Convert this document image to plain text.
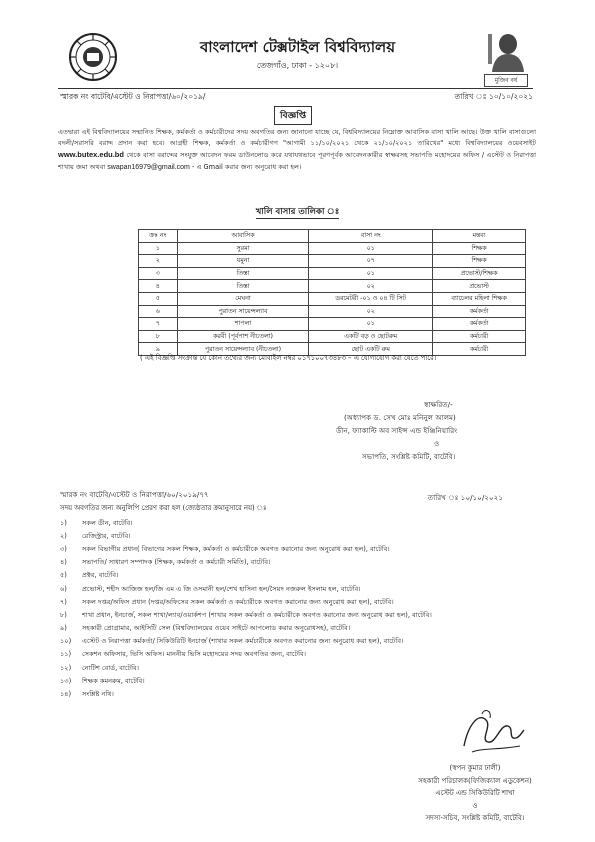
বাংলাদেশ টেক্সটাইল বিশ্ববিদ্যালয়
তেজগাঁও, ঢাকা - ১২০৮।
মুজিব বর্ষ
স্মারক নং বাটেবি/এস্টেট ও নিরাপত্তা/৬০/২০১৯/	তারিখ ঃ ১০/১০/২০২১
বিজ্ঞপ্তি
এতদ্বারা এই বিশ্ববিদ্যালয়ের সম্মানিত শিক্ষক, কর্মকর্তা ও কর্মচারীদের সদয় অবগতির জন্য জানানো যাচ্ছে যে, বিশ্ববিদ্যালয়ের নিম্নোক্ত আবাসিক বাসা খালি আছে। উক্ত খালি বাসাগুলো বদলী/সরাসরি বরাদ্দ প্রদান করা হবে। আগ্রহী শিক্ষক, কর্মকর্তা ও কর্মচারীগণ "আগামী ১১/১০/২০২১ থেকে ২১/১০/২০২১ তারিখের" মধ্যে বিশ্ববিদ্যালয়ের ওয়েবসাইট www.butex.edu.bd থেকে বাসা বরাদ্দের সংযুক্ত আবেদন ফরম ডাউনলোড করে যথাযথভাবে পূরণপূর্বক আবেদনকারীর স্বাক্ষরসহ সভাপতি মহোদয়ের অফিস / এস্টেট ও নিরাপত্তা শাখায় জমা অথবা swapan16979@gmail.com - এ Gmail করার জন্য অনুরোধ করা হল।
খালি বাসার তালিকা ঃ
ক্রঃ নং	আবাসিক	বাসা নং	মন্তব্য
১	সুরমা	০১	শিক্ষক
২	যমুনা	০৭	শিক্ষক
৩	তিস্তা	০১	প্রভোস্ট/শিক্ষক
৪	তিস্তা	০২	প্রভোস্ট
৫	মেঘনা	ডরমেটরী -০১ ও ০৪ টি সিট	ব্যাচেলর মহিলা শিক্ষক
৬	পুরাতন সায়েন্সল্যাব	০২	কর্মকর্তা
৭	শাপলা	০১	কর্মকর্তা
৮	করবী (পূর্বপাশ নীচতলা)	একটি বড় ও ছোটরুম	কর্মচারী
৯	পুরাতন সায়েন্সল্যাব (নীচতলা)	ছোট একটি রুম	কর্মচারী
( এই বিজ্ঞপ্তি সংক্রান্ত যে কোন তথ্যের জন্য মোবাইল নম্বর ০১৭১০০৭৩৪৮৩ – এ যোগাযোগ করা যেতে পারে।
স্বাক্ষরিত/-
(অধ্যাপক ড. সেখ মোঃ মনিনুল আলম)
ডীন, ফ্যাকাল্টি অব সাইন্স এন্ড ইঞ্জিনিয়ারিং
ও
সভাপতি, সংশ্লিষ্ট কমিটি, বাটেবি।
স্মারক নং বাটেবি/এস্টেট ও নিরাপত্তা/৬০/২০১৯/৭৭	তারিখ ঃ ১০/১০/২০২১
সদয় অবগতির জন্য অনুলিপি প্রেরণ করা হল (জ্যেষ্ঠতার ক্রমানুসারে নয়) ঃ
১)	সকল ডীন, বাটেবি।
২)	রেজিস্ট্রার, বাটেবি।
৩)	সকল বিভাগীয় প্রধান( বিভাগের সকল শিক্ষক, কর্মকর্তা ও কর্মচারীকে অবগত করানোর জন্য অনুরোধ করা হল), বাটেবি।
৪)	সভাপতি/ সাধারণ সম্পাদক (শিক্ষক, কর্মকর্তা ও কর্মচারী সমিতি), বাটেবি।
৫)	প্রক্টর, বাটেবি।
৬)	প্রভোস্ট, শহীদ আজিজ হল/জি এম এ জি ওসমানী হল/শেখ হাসিনা হল/সৈয়দ নজরুল ইসলাম হল, বাটেবি।
৭)	সকল দপ্তর/অফিস প্রধান (দপ্তর/অফিসের সকল কর্মকর্তা ও কর্মচারীকে অবগত করানোর জন্য অনুরোধ করা হল), বাটেবি।
৮)	শাখা প্রধান, ইনচার্জ, সকল শাখা/ল্যাব/ওয়ার্কশপ (শাখার সকল কর্মকর্তা ও কর্মচারীকে অবগত করানোর জন্য অনুরোধ করা হল), বাটেবি।
৯)	সহকারী প্রোগ্রামার, আইসিটি সেল (বিশ্ববিদ্যালয়ের ওয়েব সাইটে আপলোড করার অনুরোধসহ), বাটেবি।
১০)	এস্টেট ও নিরাপত্তা কর্মকর্তা/ সিকিউরিটি ইনচার্জ (শাখার সকল কর্মচারীকে অবগত করানোর জন্য অনুরোধ করা হল), বাটেবি।
১১)	সেকশন অফিসার, ভিসি অফিস। মাননীয় ভিসি মহোদয়ের সদয় অবগতির জন্য, বাটেবি।
১২)	নোটিশ বোর্ড, বাটেবি।
১৩)	শিক্ষক কমনরুম, বাটেবি।
১৪)	সংশ্লিষ্ট নথি।
(স্বপন কুমার ঢালী)
সহকারী পরিচালক(ফিজিক্যাল এডুকেশন)
এস্টেট এন্ড সিকিউরিটি শাখা
ও
সদস্য-সচিব, সংশ্লিষ্ট কমিটি, বাটেবি।
